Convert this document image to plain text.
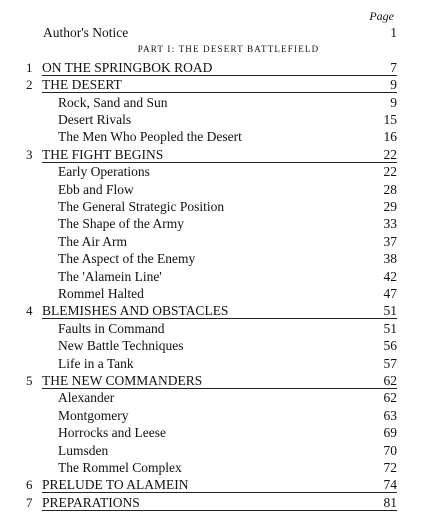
Page
Author's Notice	1
PART I: THE DESERT BATTLEFIELD
1 ON THE SPRINGBOK ROAD	7
2 THE DESERT	9
Rock, Sand and Sun	9
Desert Rivals	15
The Men Who Peopled the Desert	16
3 THE FIGHT BEGINS	22
Early Operations	22
Ebb and Flow	28
The General Strategic Position	29
The Shape of the Army	33
The Air Arm	37
The Aspect of the Enemy	38
The 'Alamein Line'	42
Rommel Halted	47
4 BLEMISHES AND OBSTACLES	51
Faults in Command	51
New Battle Techniques	56
Life in a Tank	57
5 THE NEW COMMANDERS	62
Alexander	62
Montgomery	63
Horrocks and Leese	69
Lumsden	70
The Rommel Complex	72
6 PRELUDE TO ALAMEIN	74
7 PREPARATIONS	81
